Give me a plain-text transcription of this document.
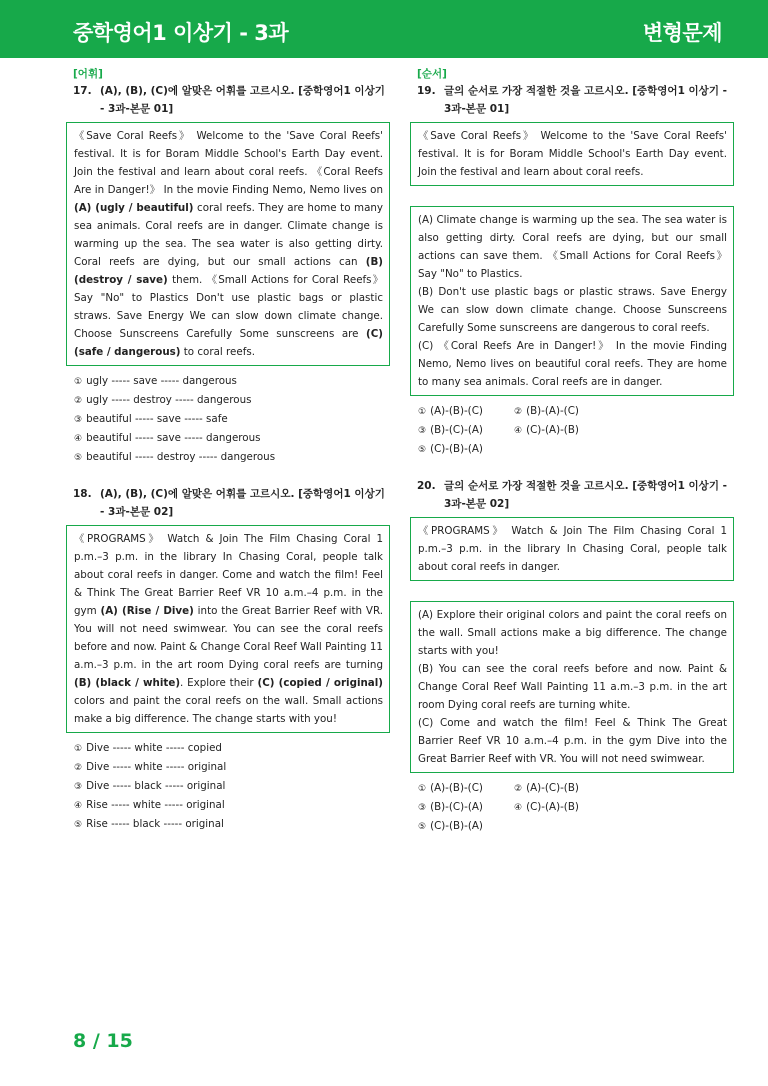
중학영어1 이상기 - 3과	변형문제
[어휘]
17. (A), (B), (C)에 알맞은 어휘를 고르시오. [중학영어1 이상기 - 3과-본문 01]
《Save Coral Reefs》 Welcome to the 'Save Coral Reefs' festival. It is for Boram Middle School's Earth Day event. Join the festival and learn about coral reefs. 《Coral Reefs Are in Danger!》 In the movie Finding Nemo, Nemo lives on (A) (ugly / beautiful) coral reefs. They are home to many sea animals. Coral reefs are in danger. Climate change is warming up the sea. The sea water is also getting dirty. Coral reefs are dying, but our small actions can (B) (destroy / save) them. 《Small Actions for Coral Reefs》 Say "No" to Plastics Don't use plastic bags or plastic straws. Save Energy We can slow down climate change. Choose Sunscreens Carefully Some sunscreens are (C) (safe / dangerous) to coral reefs.
① ugly ----- save ----- dangerous
② ugly ----- destroy ----- dangerous
③ beautiful ----- save ----- safe
④ beautiful ----- save ----- dangerous
⑤ beautiful ----- destroy ----- dangerous
18. (A), (B), (C)에 알맞은 어휘를 고르시오. [중학영어1 이상기 - 3과-본문 02]
《PROGRAMS》 Watch & Join The Film Chasing Coral 1 p.m.–3 p.m. in the library In Chasing Coral, people talk about coral reefs in danger. Come and watch the film! Feel & Think The Great Barrier Reef VR 10 a.m.–4 p.m. in the gym (A) (Rise / Dive) into the Great Barrier Reef with VR. You will not need swimwear. You can see the coral reefs before and now. Paint & Change Coral Reef Wall Painting 11 a.m.–3 p.m. in the art room Dying coral reefs are turning (B) (black / white). Explore their (C) (copied / original) colors and paint the coral reefs on the wall. Small actions make a big difference. The change starts with you!
① Dive ----- white ----- copied
② Dive ----- white ----- original
③ Dive ----- black ----- original
④ Rise ----- white ----- original
⑤ Rise ----- black ----- original
[순서]
19. 글의 순서로 가장 적절한 것을 고르시오. [중학영어1 이상기 - 3과-본문 01]

《Save Coral Reefs》 Welcome to the 'Save Coral Reefs' festival. It is for Boram Middle School's Earth Day event. Join the festival and learn about coral reefs.

(A) Climate change is warming up the sea. The sea water is also getting dirty. Coral reefs are dying, but our small actions can save them. 《Small Actions for Coral Reefs》 Say "No" to Plastics.

(B) Don't use plastic bags or plastic straws. Save Energy We can slow down climate change. Choose Sunscreens Carefully Some sunscreens are dangerous to coral reefs.

(C) 《Coral Reefs Are in Danger!》 In the movie Finding Nemo, Nemo lives on beautiful coral reefs. They are home to many sea animals. Coral reefs are in danger.

① (A)-(B)-(C)	② (B)-(A)-(C)
③ (B)-(C)-(A)	④ (C)-(A)-(B)
⑤ (C)-(B)-(A)
20. 글의 순서로 가장 적절한 것을 고르시오. [중학영어1 이상기 - 3과-본문 02]

《PROGRAMS》 Watch & Join The Film Chasing Coral 1 p.m.–3 p.m. in the library In Chasing Coral, people talk about coral reefs in danger.

(A) Explore their original colors and paint the coral reefs on the wall. Small actions make a big difference. The change starts with you!

(B) You can see the coral reefs before and now. Paint & Change Coral Reef Wall Painting 11 a.m.–3 p.m. in the art room Dying coral reefs are turning white.

(C) Come and watch the film! Feel & Think The Great Barrier Reef VR 10 a.m.–4 p.m. in the gym Dive into the Great Barrier Reef with VR. You will not need swimwear.

① (A)-(B)-(C)	② (A)-(C)-(B)
③ (B)-(C)-(A)	④ (C)-(A)-(B)
⑤ (C)-(B)-(A)
8 / 15
